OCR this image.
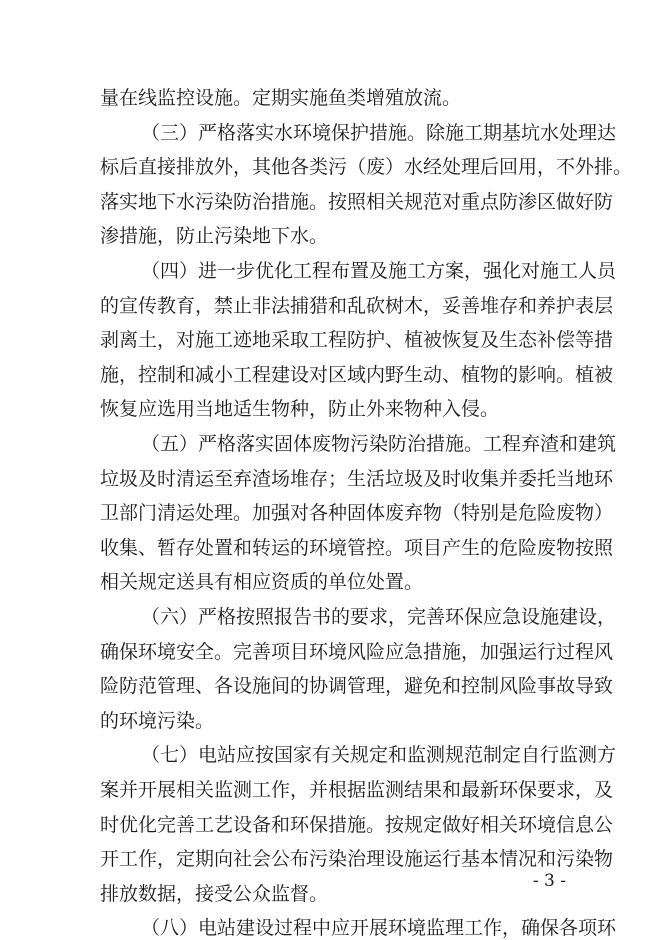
量在线监控设施。定期实施鱼类增殖放流。
（三）严格落实水环境保护措施。除施工期基坑水处理达
标后直接排放外，其他各类污（废）水经处理后回用，不外排。
落实地下水污染防治措施。按照相关规范对重点防渗区做好防
渗措施，防止污染地下水。
（四）进一步优化工程布置及施工方案，强化对施工人员
的宣传教育，禁止非法捕猎和乱砍树木，妥善堆存和养护表层
剥离土，对施工迹地采取工程防护、植被恢复及生态补偿等措
施，控制和减小工程建设对区域内野生动、植物的影响。植被
恢复应选用当地适生物种，防止外来物种入侵。
（五）严格落实固体废物污染防治措施。工程弃渣和建筑
垃圾及时清运至弃渣场堆存；生活垃圾及时收集并委托当地环
卫部门清运处理。加强对各种固体废弃物（特别是危险废物）
收集、暂存处置和转运的环境管控。项目产生的危险废物按照
相关规定送具有相应资质的单位处置。
（六）严格按照报告书的要求，完善环保应急设施建设，
确保环境安全。完善项目环境风险应急措施，加强运行过程风
险防范管理、各设施间的协调管理，避免和控制风险事故导致
的环境污染。
（七）电站应按国家有关规定和监测规范制定自行监测方
案并开展相关监测工作，并根据监测结果和最新环保要求，及
时优化完善工艺设备和环保措施。按规定做好相关环境信息公
开工作，定期向社会公布污染治理设施运行基本情况和污染物
排放数据，接受公众监督。
（八）电站建设过程中应开展环境监理工作，确保各项环
- 3 -
